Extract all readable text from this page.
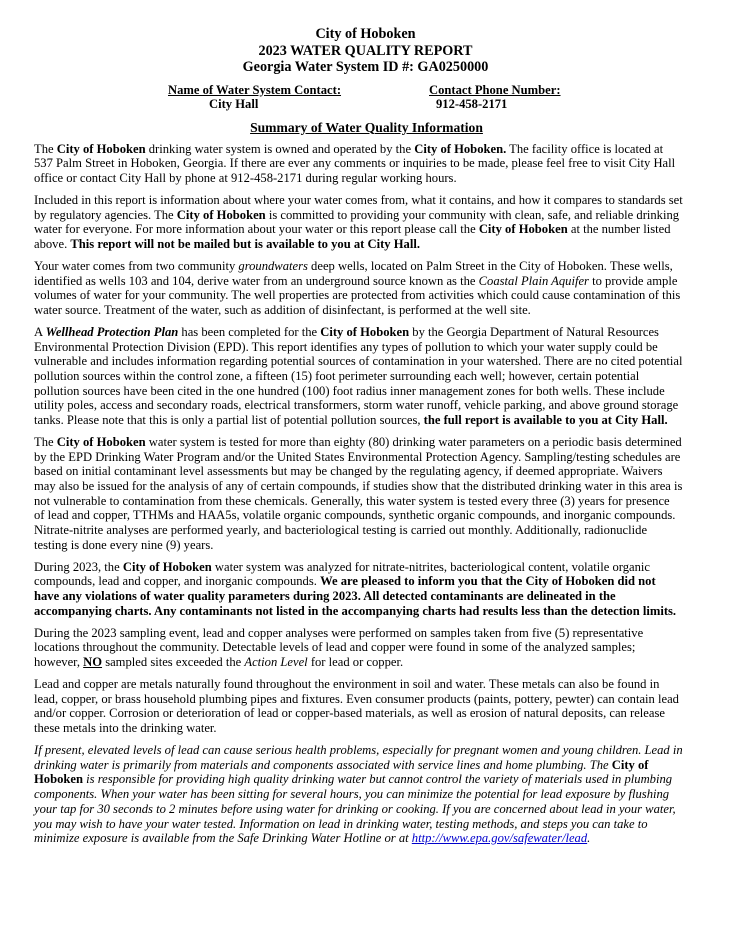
City of Hoboken
2023 WATER QUALITY REPORT
Georgia Water System ID #: GA0250000
Name of Water System Contact:
City Hall
Contact Phone Number:
912-458-2171
Summary of Water Quality Information

The City of Hoboken drinking water system is owned and operated by the City of Hoboken. The facility office is located at 537 Palm Street in Hoboken, Georgia. If there are ever any comments or inquiries to be made, please feel free to visit City Hall office or contact City Hall by phone at 912-458-2171 during regular working hours.

Included in this report is information about where your water comes from, what it contains, and how it compares to standards set by regulatory agencies. The City of Hoboken is committed to providing your community with clean, safe, and reliable drinking water for everyone. For more information about your water or this report please call the City of Hoboken at the number listed above. This report will not be mailed but is available to you at City Hall.

Your water comes from two community groundwaters deep wells, located on Palm Street in the City of Hoboken. These wells, identified as wells 103 and 104, derive water from an underground source known as the Coastal Plain Aquifer to provide ample volumes of water for your community. The well properties are protected from activities which could cause contamination of this water source. Treatment of the water, such as addition of disinfectant, is performed at the well site.

A Wellhead Protection Plan has been completed for the City of Hoboken by the Georgia Department of Natural Resources Environmental Protection Division (EPD). This report identifies any types of pollution to which your water supply could be vulnerable and includes information regarding potential sources of contamination in your watershed. There are no cited potential pollution sources within the control zone, a fifteen (15) foot perimeter surrounding each well; however, certain potential pollution sources have been cited in the one hundred (100) foot radius inner management zones for both wells. These include utility poles, access and secondary roads, electrical transformers, storm water runoff, vehicle parking, and above ground storage tanks. Please note that this is only a partial list of potential pollution sources, the full report is available to you at City Hall.

The City of Hoboken water system is tested for more than eighty (80) drinking water parameters on a periodic basis determined by the EPD Drinking Water Program and/or the United States Environmental Protection Agency. Sampling/testing schedules are based on initial contaminant level assessments but may be changed by the regulating agency, if deemed appropriate. Waivers may also be issued for the analysis of any of certain compounds, if studies show that the distributed drinking water in this area is not vulnerable to contamination from these chemicals. Generally, this water system is tested every three (3) years for presence of lead and copper, TTHMs and HAA5s, volatile organic compounds, synthetic organic compounds, and inorganic compounds. Nitrate-nitrite analyses are performed yearly, and bacteriological testing is carried out monthly. Additionally, radionuclide testing is done every nine (9) years.

During 2023, the City of Hoboken water system was analyzed for nitrate-nitrites, bacteriological content, volatile organic compounds, lead and copper, and inorganic compounds. We are pleased to inform you that the City of Hoboken did not have any violations of water quality parameters during 2023. All detected contaminants are delineated in the accompanying charts. Any contaminants not listed in the accompanying charts had results less than the detection limits.

During the 2023 sampling event, lead and copper analyses were performed on samples taken from five (5) representative locations throughout the community. Detectable levels of lead and copper were found in some of the analyzed samples; however, NO sampled sites exceeded the Action Level for lead or copper.

Lead and copper are metals naturally found throughout the environment in soil and water. These metals can also be found in lead, copper, or brass household plumbing pipes and fixtures. Even consumer products (paints, pottery, pewter) can contain lead and/or copper. Corrosion or deterioration of lead or copper-based materials, as well as erosion of natural deposits, can release these metals into the drinking water.

If present, elevated levels of lead can cause serious health problems, especially for pregnant women and young children. Lead in drinking water is primarily from materials and components associated with service lines and home plumbing. The City of Hoboken is responsible for providing high quality drinking water but cannot control the variety of materials used in plumbing components. When your water has been sitting for several hours, you can minimize the potential for lead exposure by flushing your tap for 30 seconds to 2 minutes before using water for drinking or cooking. If you are concerned about lead in your water, you may wish to have your water tested. Information on lead in drinking water, testing methods, and steps you can take to minimize exposure is available from the Safe Drinking Water Hotline or at http://www.epa.gov/safewater/lead.
